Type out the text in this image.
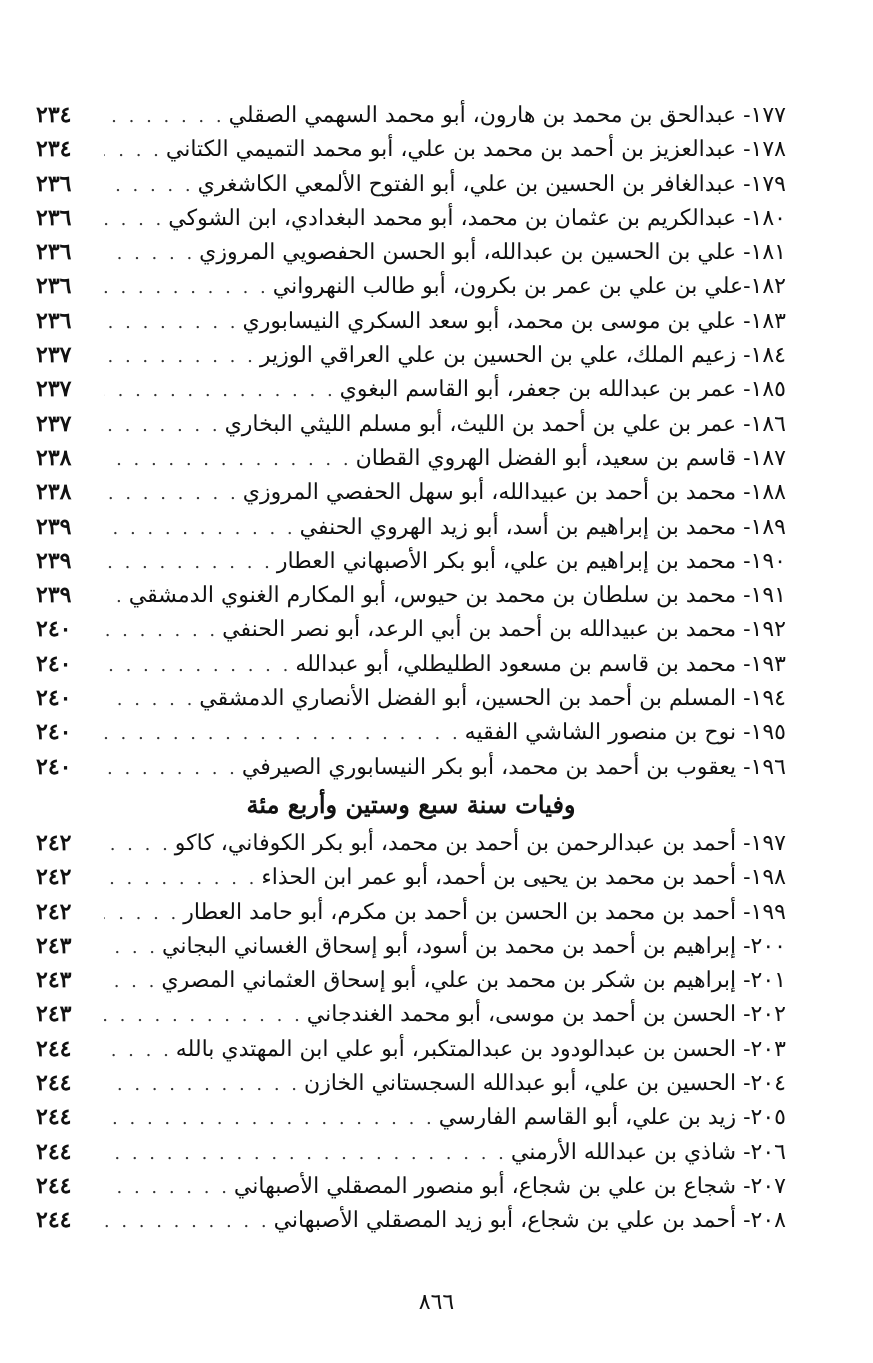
١٧٧- عبدالحق بن محمد بن هارون، أبو محمد السهمي الصقلي
. . .
٢٣٤
١٧٨- عبدالعزيز بن أحمد بن محمد بن علي، أبو محمد التميمي الكتاني
. . .
٢٣٤
١٧٩- عبدالغافر بن الحسين بن علي، أبو الفتوح الألمعي الكاشغري
. . .
٢٣٦
١٨٠- عبدالكريم بن عثمان بن محمد، أبو محمد البغدادي، ابن الشوكي
. . .
٢٣٦
١٨١- علي بن الحسين بن عبدالله، أبو الحسن الحفصويي المروزي
. . .
٢٣٦
١٨٢-علي بن علي بن عمر بن بكرون، أبو طالب النهرواني
. . .
٢٣٦
١٨٣- علي بن موسى بن محمد، أبو سعد السكري النيسابوري
. . .
٢٣٦
١٨٤- زعيم الملك، علي بن الحسين بن علي العراقي الوزير
. . .
٢٣٧
١٨٥- عمر بن عبدالله بن جعفر، أبو القاسم البغوي
. . .
٢٣٧
١٨٦- عمر بن علي بن أحمد بن الليث، أبو مسلم الليثي البخاري
. . .
٢٣٧
١٨٧- قاسم بن سعيد، أبو الفضل الهروي القطان
. . .
٢٣٨
١٨٨- محمد بن أحمد بن عبيدالله، أبو سهل الحفصي المروزي
. . .
٢٣٨
١٨٩- محمد بن إبراهيم بن أسد، أبو زيد الهروي الحنفي
. . .
٢٣٩
١٩٠- محمد بن إبراهيم بن علي، أبو بكر الأصبهاني العطار
. . .
٢٣٩
١٩١- محمد بن سلطان بن محمد بن حيوس، أبو المكارم الغنوي الدمشقي
. . .
٢٣٩
١٩٢- محمد بن عبيدالله بن أحمد بن أبي الرعد، أبو نصر الحنفي
. . .
٢٤٠
١٩٣- محمد بن قاسم بن مسعود الطليطلي، أبو عبدالله
. . .
٢٤٠
١٩٤- المسلم بن أحمد بن الحسين، أبو الفضل الأنصاري الدمشقي
. . .
٢٤٠
١٩٥- نوح بن منصور الشاشي الفقيه
. . .
٢٤٠
١٩٦- يعقوب بن أحمد بن محمد، أبو بكر النيسابوري الصيرفي
. . .
٢٤٠
وفيات سنة سبع وستين وأربع مئة
١٩٧- أحمد بن عبدالرحمن بن أحمد بن محمد، أبو بكر الكوفاني، كاكو
. . .
٢٤٢
١٩٨- أحمد بن محمد بن يحيى بن أحمد، أبو عمر ابن الحذاء
. . .
٢٤٢
١٩٩- أحمد بن محمد بن الحسن بن أحمد بن مكرم، أبو حامد العطار
. . .
٢٤٢
٢٠٠- إبراهيم بن أحمد بن محمد بن أسود، أبو إسحاق الغساني البجاني
. . .
٢٤٣
٢٠١- إبراهيم بن شكر بن محمد بن علي، أبو إسحاق العثماني المصري
. . .
٢٤٣
٢٠٢- الحسن بن أحمد بن موسى، أبو محمد الغندجاني
. . .
٢٤٣
٢٠٣- الحسن بن عبدالودود بن عبدالمتكبر، أبو علي ابن المهتدي بالله
. . .
٢٤٤
٢٠٤- الحسين بن علي، أبو عبدالله السجستاني الخازن
. . .
٢٤٤
٢٠٥- زيد بن علي، أبو القاسم الفارسي
. . .
٢٤٤
٢٠٦- شاذي بن عبدالله الأرمني
. . .
٢٤٤
٢٠٧- شجاع بن علي بن شجاع، أبو منصور المصقلي الأصبهاني
. . .
٢٤٤
٢٠٨- أحمد بن علي بن شجاع، أبو زيد المصقلي الأصبهاني
. . .
٢٤٤
٨٦٦
